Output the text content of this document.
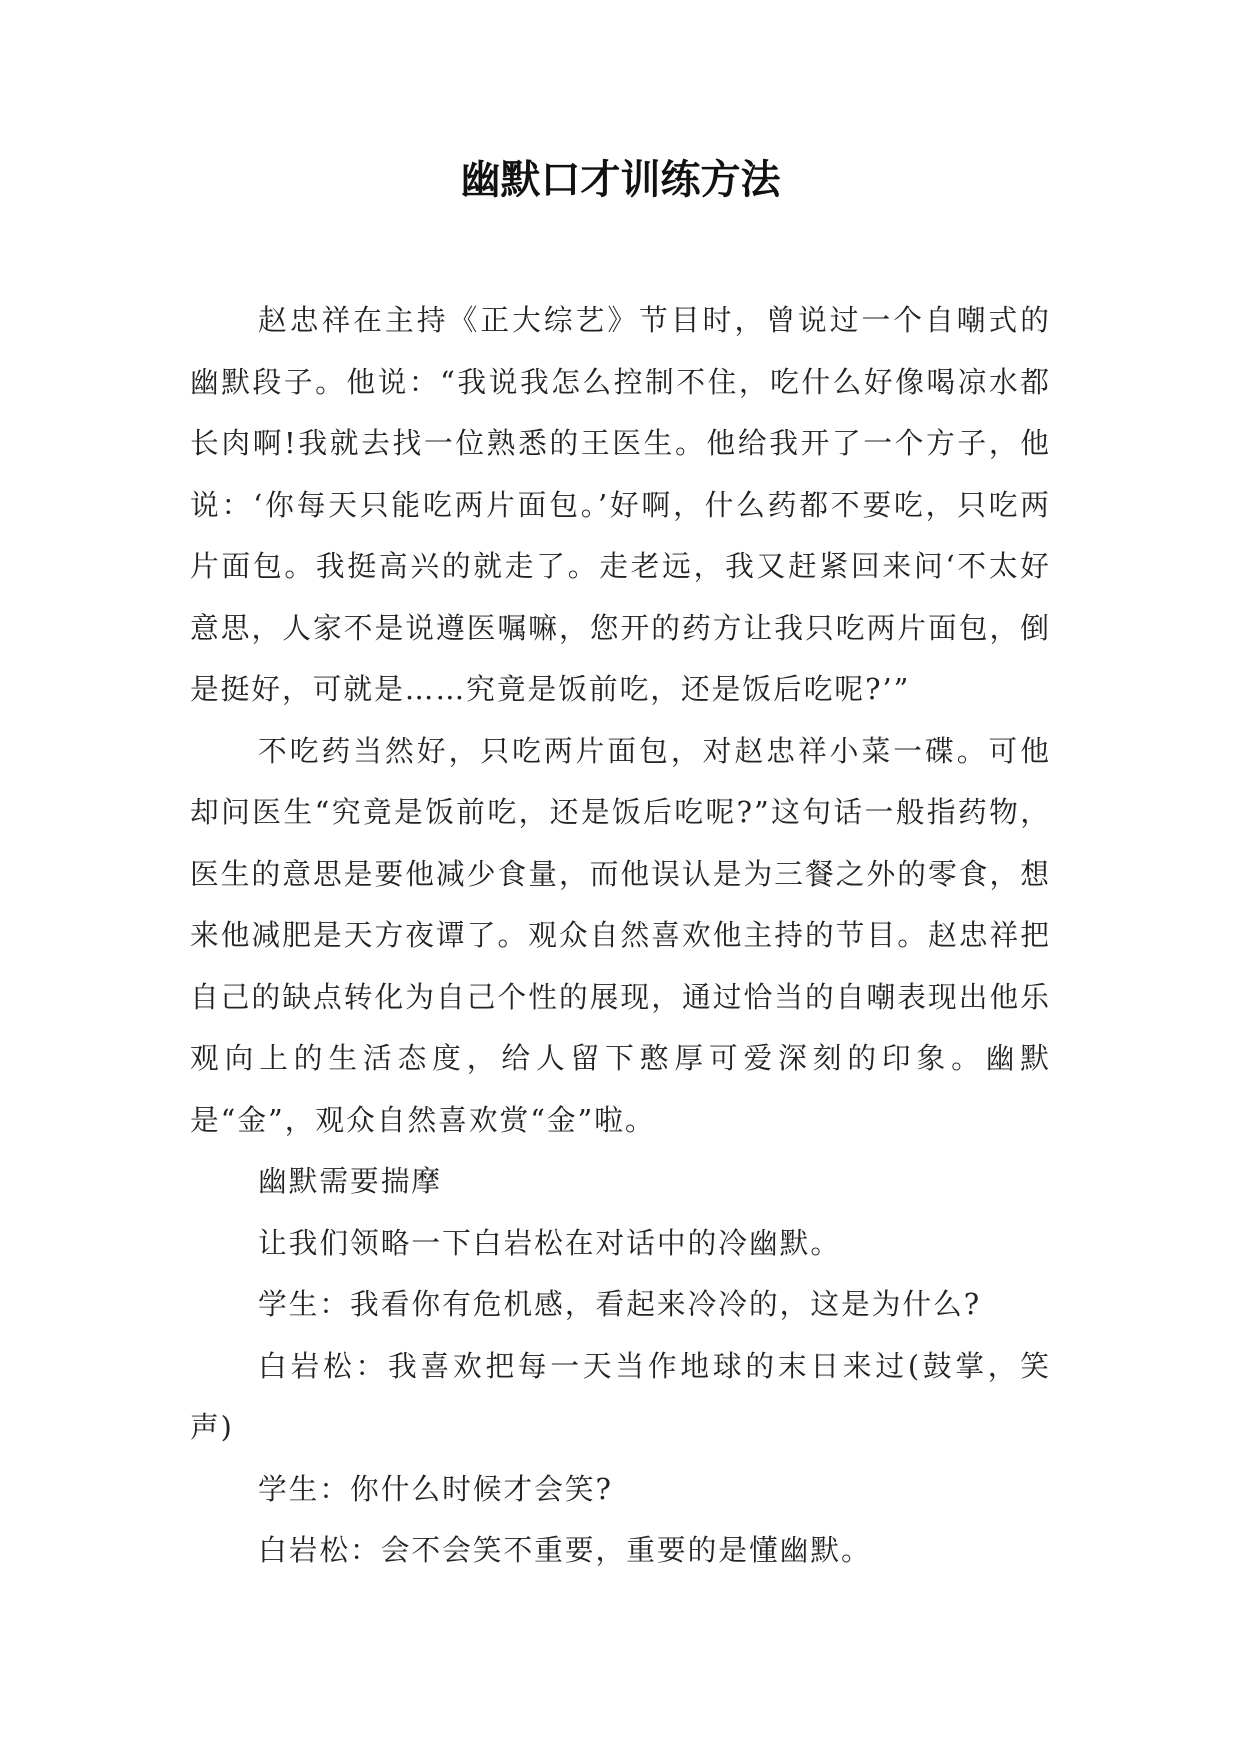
幽默口才训练方法

赵忠祥在主持《正大综艺》节目时，曾说过一个自嘲式的幽默段子。他说：“我说我怎么控制不住，吃什么好像喝凉水都长肉啊!我就去找一位熟悉的王医生。他给我开了一个方子，他说：‘你每天只能吃两片面包。’好啊，什么药都不要吃，只吃两片面包。我挺高兴的就走了。走老远，我又赶紧回来问‘不太好意思，人家不是说遵医嘱嘛，您开的药方让我只吃两片面包，倒是挺好，可就是……究竟是饭前吃，还是饭后吃呢?’”

不吃药当然好，只吃两片面包，对赵忠祥小菜一碟。可他却问医生“究竟是饭前吃，还是饭后吃呢?”这句话一般指药物，医生的意思是要他减少食量，而他误认是为三餐之外的零食，想来他减肥是天方夜谭了。观众自然喜欢他主持的节目。赵忠祥把自己的缺点转化为自己个性的展现，通过恰当的自嘲表现出他乐观向上的生活态度，给人留下憨厚可爱深刻的印象。幽默是“金”，观众自然喜欢赏“金”啦。

幽默需要揣摩

让我们领略一下白岩松在对话中的冷幽默。

学生：我看你有危机感，看起来冷冷的，这是为什么?

白岩松：我喜欢把每一天当作地球的末日来过(鼓掌，笑声)

学生：你什么时候才会笑?

白岩松：会不会笑不重要，重要的是懂幽默。
